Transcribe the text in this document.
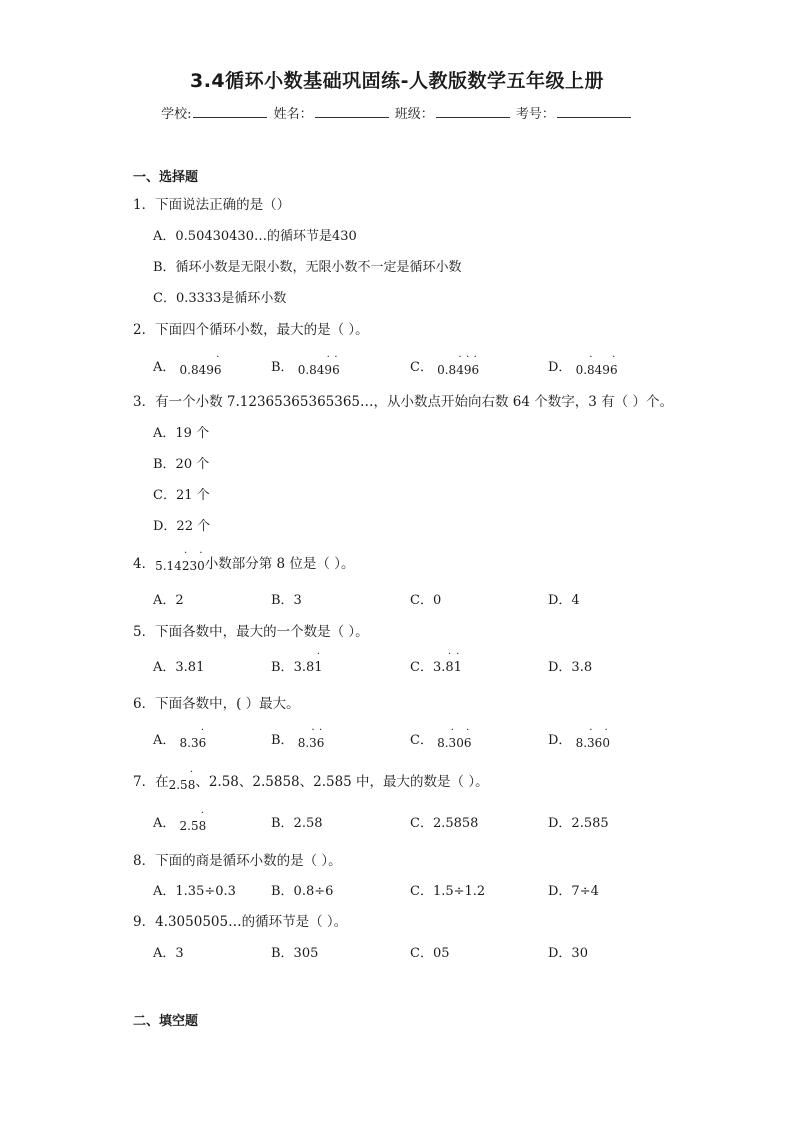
3.4循环小数基础巩固练-人教版数学五年级上册
学校:	姓名：	班级：	考号：
一、选择题
1．下面说法正确的是（）
A．0.50430430…的循环节是430
B．循环小数是无限小数，无限小数不一定是循环小数
C．0.3333是循环小数
2．下面四个循环小数，最大的是（ ）。
A． 0.8496 ˙	B． 0.849 ˙6 ˙	C． 0.84 ˙9 ˙6 ˙	D． 0.8 ˙496 ˙
3．有一个小数 7.12365365365365…，从小数点开始向右数 64 个数字，3 有（ ）个。
A．19 个
B．20 个
C．21 个
D．22 个
4．5.142 ˙30 ˙小数部分第 8 位是（ ）。
A．2	B．3	C．0	D．4
5．下面各数中，最大的一个数是（ ）。
A．3.81	B．3.81 ˙	C．3.8 ˙1 ˙	D．3.8
6．下面各数中，( ）最大。
A． 8.36 ˙	B． 8.3 ˙6 ˙	C． 8.3 ˙06 ˙	D． 8.3 ˙60 ˙
7．在2.58 ˙、2.58、2.5858、2.585 中，最大的数是（ ）。
A． 2.58 ˙	B．2.58	C．2.5858	D．2.585
8．下面的商是循环小数的是（ ）。
A．1.35÷0.3	B．0.8÷6	C．1.5÷1.2	D．7÷4
9．4.3050505…的循环节是（ ）。
A．3	B．305	C．05	D．30
二、填空题
